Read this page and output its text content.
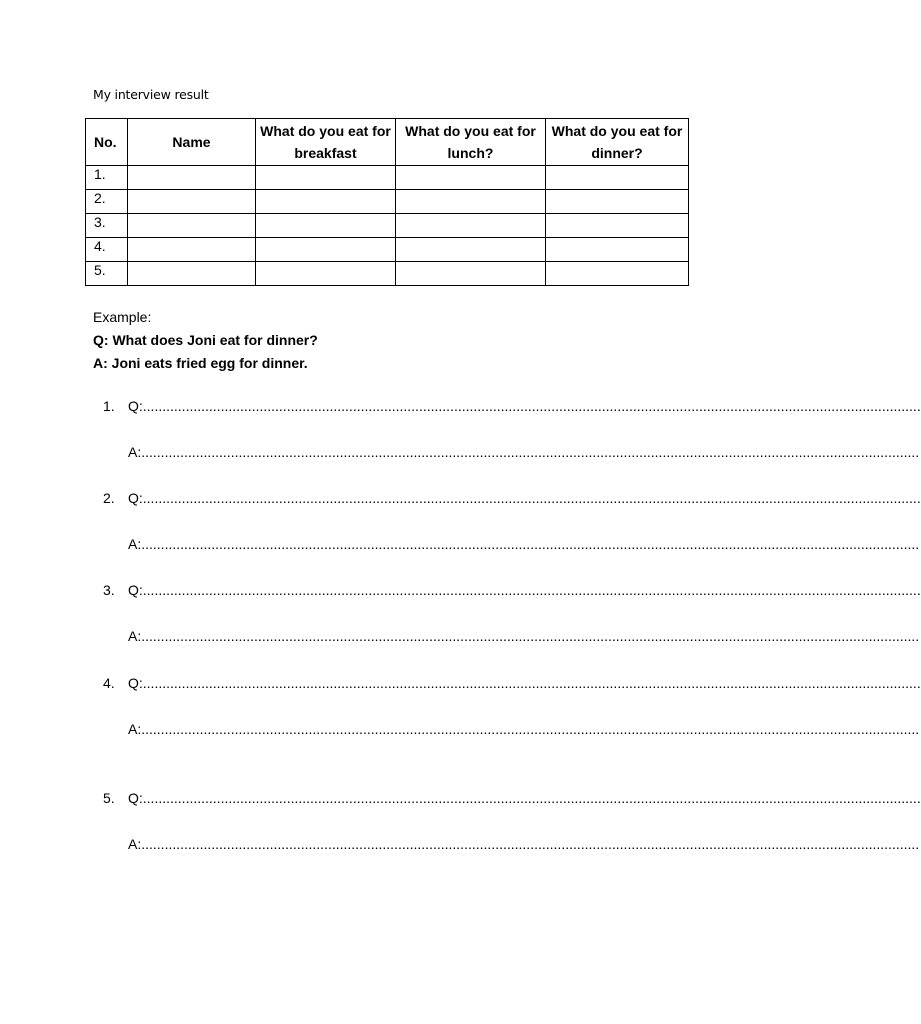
My interview result
No.	Name	What do you eat for breakfast	What do you eat for lunch?	What do you eat for dinner?
1.				
2.				
3.				
4.				
5.				
Example:
Q: What does Joni eat for dinner?
A: Joni eats fried egg for dinner.
1. Q:........................................................................................................................................................................................................
A:........................................................................................................................................................................................................
2. Q:........................................................................................................................................................................................................
A:........................................................................................................................................................................................................
3. Q:........................................................................................................................................................................................................
A:........................................................................................................................................................................................................
4. Q:........................................................................................................................................................................................................
A:........................................................................................................................................................................................................
5. Q:........................................................................................................................................................................................................
A:........................................................................................................................................................................................................
